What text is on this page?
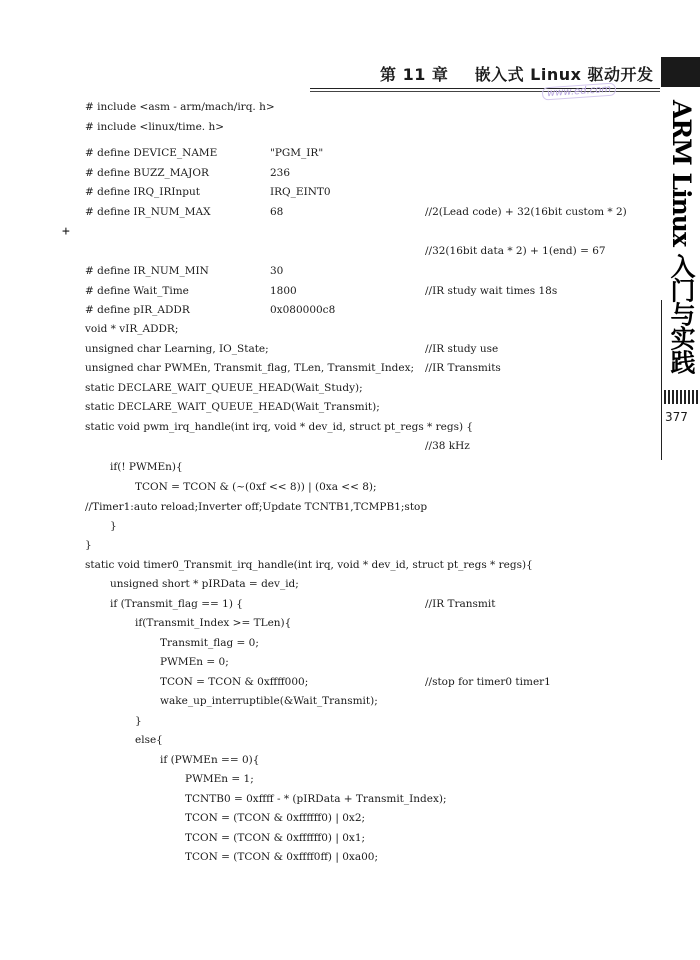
第 11 章 嵌入式 Linux 驱动开发
www.ed.com
ARM Linux 入门与实践
377
+
# include <asm - arm/mach/irq. h>
# include <linux/time. h>
# define DEVICE_NAME	"PGM_IR"
# define BUZZ_MAJOR	236
# define IRQ_IRInput	IRQ_EINT0
# define IR_NUM_MAX	68	//2(Lead code) + 32(16bit custom * 2)
//32(16bit data * 2) + 1(end) = 67
# define IR_NUM_MIN	30
# define Wait_Time	1800	//IR study wait times 18s
# define pIR_ADDR	0x080000c8
void * vIR_ADDR;
unsigned char Learning, IO_State;	//IR study use
unsigned char PWMEn, Transmit_flag, TLen, Transmit_Index; //IR Transmits
static DECLARE_WAIT_QUEUE_HEAD(Wait_Study);
static DECLARE_WAIT_QUEUE_HEAD(Wait_Transmit);
static void pwm_irq_handle(int irq, void * dev_id, struct pt_regs * regs) {
//38 kHz
if(! PWMEn){
TCON = TCON & (~(0xf << 8)) | (0xa << 8);
//Timer1:auto reload;Inverter off;Update TCNTB1,TCMPB1;stop
}
}
static void timer0_Transmit_irq_handle(int irq, void * dev_id, struct pt_regs * regs){
unsigned short * pIRData = dev_id;
if (Transmit_flag == 1) {	//IR Transmit
if(Transmit_Index >= TLen){
Transmit_flag = 0;
PWMEn = 0;
TCON = TCON & 0xffff000;	//stop for timer0 timer1
wake_up_interruptible(&Wait_Transmit);
}
else{
if (PWMEn == 0){
PWMEn = 1;
TCNTB0 = 0xffff - * (pIRData + Transmit_Index);
TCON = (TCON & 0xffffff0) | 0x2;
TCON = (TCON & 0xffffff0) | 0x1;
TCON = (TCON & 0xffff0ff) | 0xa00;
